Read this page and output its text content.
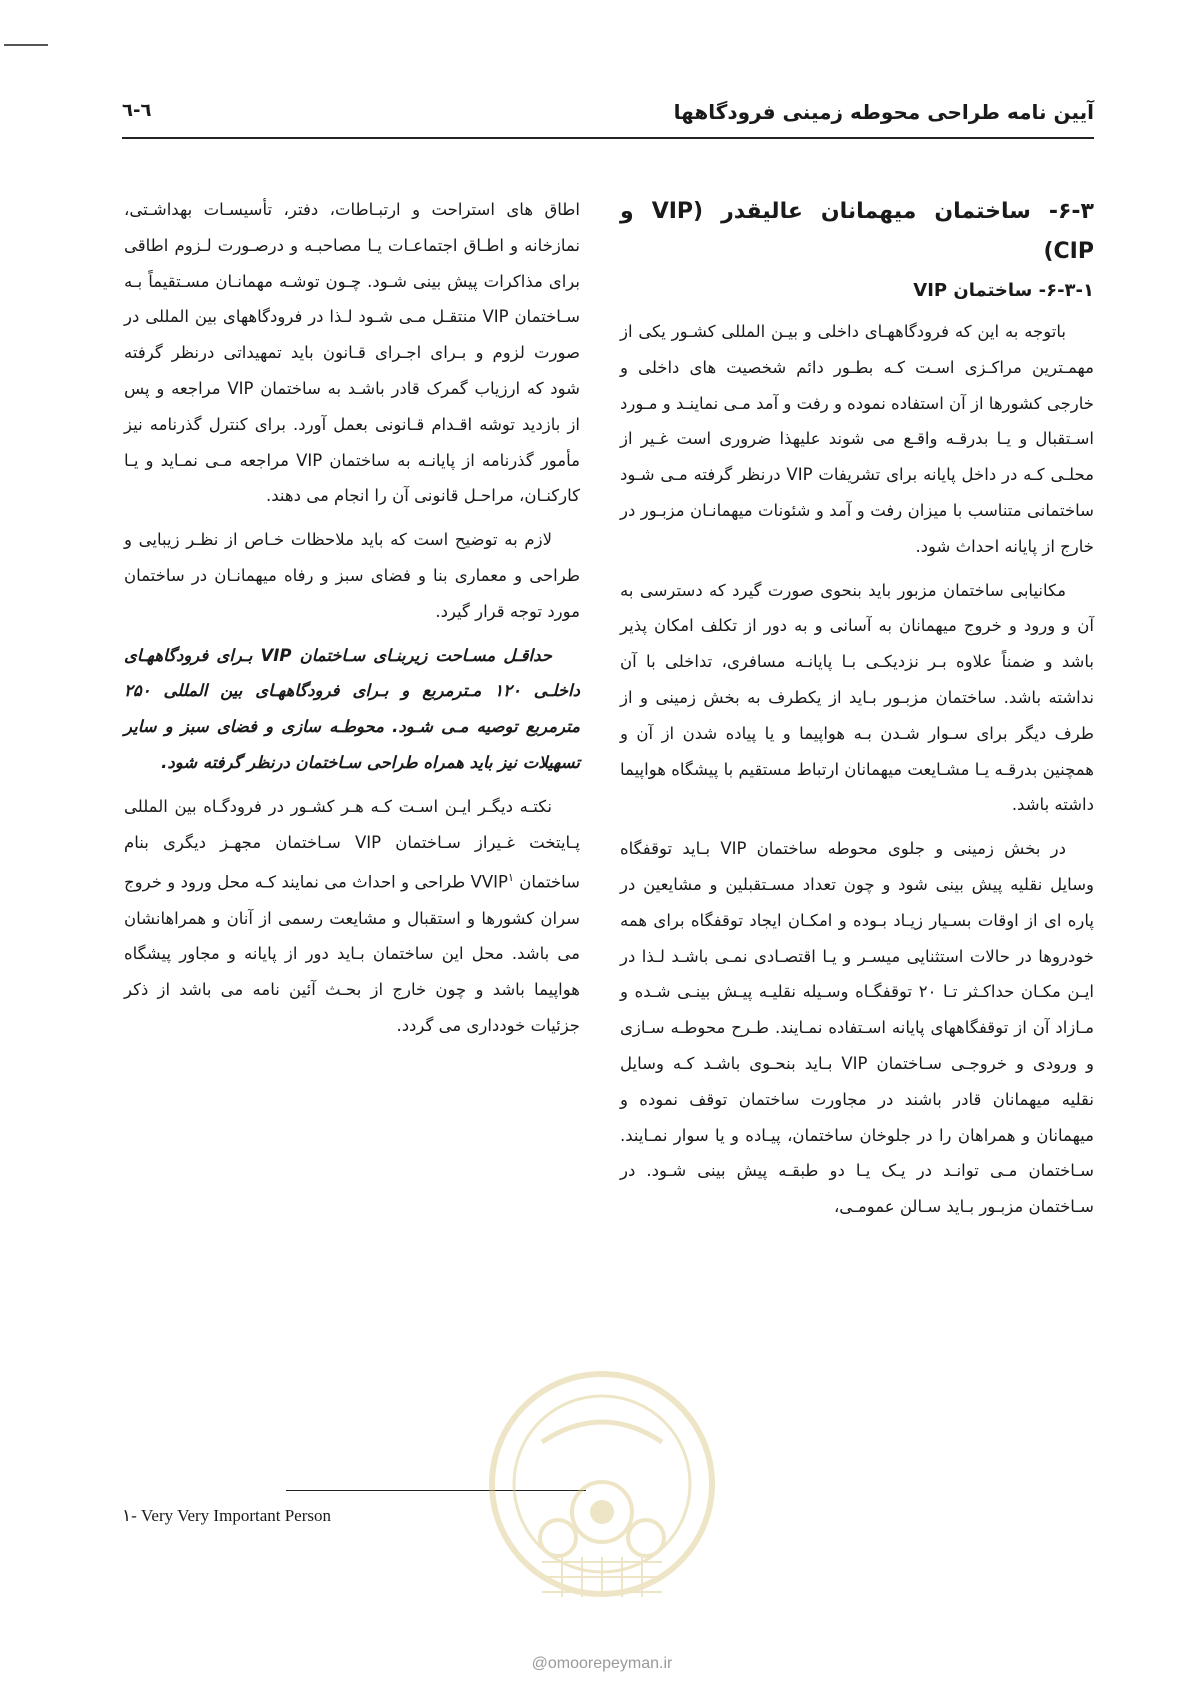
آیین نامه طراحی محوطه زمینی فرودگاهها
٦-٦
۶-۳- ساختمان میهمانان عالیقدر (VIP و CIP)
۶-۳-۱- ساختمان VIP

باتوجه به این که فرودگاههـای داخلی و بیـن المللی کشـور یکی از مهمـترین مراکـزی اسـت کـه بطـور دائم شخصیت های داخلی و خارجی کشورها از آن استفاده نموده و رفت و آمد مـی نماینـد و مـورد اسـتقبال و یـا بدرقـه واقـع می شوند علیهذا ضروری است غـیر از محلـی کـه در داخل پایانه برای تشریفات VIP درنظر گرفته مـی شـود ساختمانی متناسب با میزان رفت و آمد و شئونات میهمانـان مزبـور در خارج از پایانه احداث شود.

مکانیابی ساختمان مزبور باید بنحوی صورت گیرد که دسترسی به آن و ورود و خروج میهمانان به آسانی و به دور از تکلف امکان پذیر باشد و ضمناً علاوه بـر نزدیکـی بـا پایانـه مسافری، تداخلی با آن نداشته باشد. ساختمان مزبـور بـاید از یکطرف به بخش زمینی و از طرف دیگر برای سـوار شـدن بـه هواپیما و یا پیاده شدن از آن و همچنین بدرقـه یـا مشـایعت میهمانان ارتباط مستقیم با پیشگاه هواپیما داشته باشد.

در بخش زمینی و جلوی محوطه ساختمان VIP بـاید توقفگاه وسایل نقلیه پیش بینی شود و چون تعداد مسـتقبلین و مشایعین در پاره ای از اوقات بسـیار زیـاد بـوده و امکـان ایجاد توقفگاه برای همه خودروها در حالات استثنایی میسـر و یـا اقتصـادی نمـی باشـد لـذا در ایـن مکـان حداکـثر تـا ۲۰ توقفگـاه وسـیله نقلیـه پیـش بینـی شـده و مـازاد آن از توقفگاههای پایانه اسـتفاده نمـایند. طـرح محوطـه سـازی و ورودی و خروجـی سـاختمان VIP بـاید بنحـوی باشـد کـه وسایل نقلیه میهمانان قادر باشند در مجاورت ساختمان توقف نموده و میهمانان و همراهان را در جلوخان ساختمان، پیـاده و یا سوار نمـایند. سـاختمان مـی توانـد در یـک یـا دو طبقـه پیش بینی شـود. در سـاختمان مزبـور بـاید سـالن عمومـی،

اطاق های استراحت و ارتبـاطات، دفتر، تأسیسـات بهداشـتی، نمازخانه و اطـاق اجتماعـات یـا مصاحبـه و درصـورت لـزوم اطاقی برای مذاکرات پیش بینی شـود. چـون توشـه مهمانـان مسـتقیماً بـه سـاختمان VIP منتقـل مـی شـود لـذا در فرودگاههای بین المللی در صورت لزوم و بـرای اجـرای قـانون باید تمهیداتی درنظر گرفته شود که ارزیاب گمرک قادر باشـد به ساختمان VIP مراجعه و پس از بازدید توشه اقـدام قـانونی بعمل آورد. برای کنترل گذرنامه نیز مأمور گذرنامه از پایانـه به ساختمان VIP مراجعه مـی نمـاید و یـا کارکنـان، مراحـل قانونی آن را انجام می دهند.

لازم به توضیح است که باید ملاحظات خـاص از نظـر زیبایی و طراحی و معماری بنا و فضای سبز و رفاه میهمانـان در ساختمان مورد توجه قرار گیرد.

حداقـل مسـاحت زیربنـای سـاختمان VIP بـرای فرودگاههـای داخلـی ۱۲۰ مـترمربع و بـرای فرودگاههـای بین المللی ۲۵۰ مترمربع توصیه مـی شـود. محوطـه سازی و فضای سبز و سایر تسهیلات نیز باید همراه طراحی سـاختمان درنظر گرفته شود.

نکتـه دیگـر ایـن اسـت کـه هـر کشـور در فرودگـاه بین المللی پـایتخت غـیراز سـاختمان VIP سـاختمان مجهـز دیگری بنام ساختمان VVIP$^۱$ طراحی و احداث می نمایند کـه محل ورود و خروج سران کشورها و استقبال و مشایعت رسمی از آنان و همراهانشان می باشد. محل این ساختمان بـاید دور از پایانه و مجاور پیشگاه هواپیما باشد و چون خارج از بحـث آئین نامه می باشد از ذکر جزئیات خودداری می گردد.

۱- Very Very Important Person
@omoorepeyman.ir
